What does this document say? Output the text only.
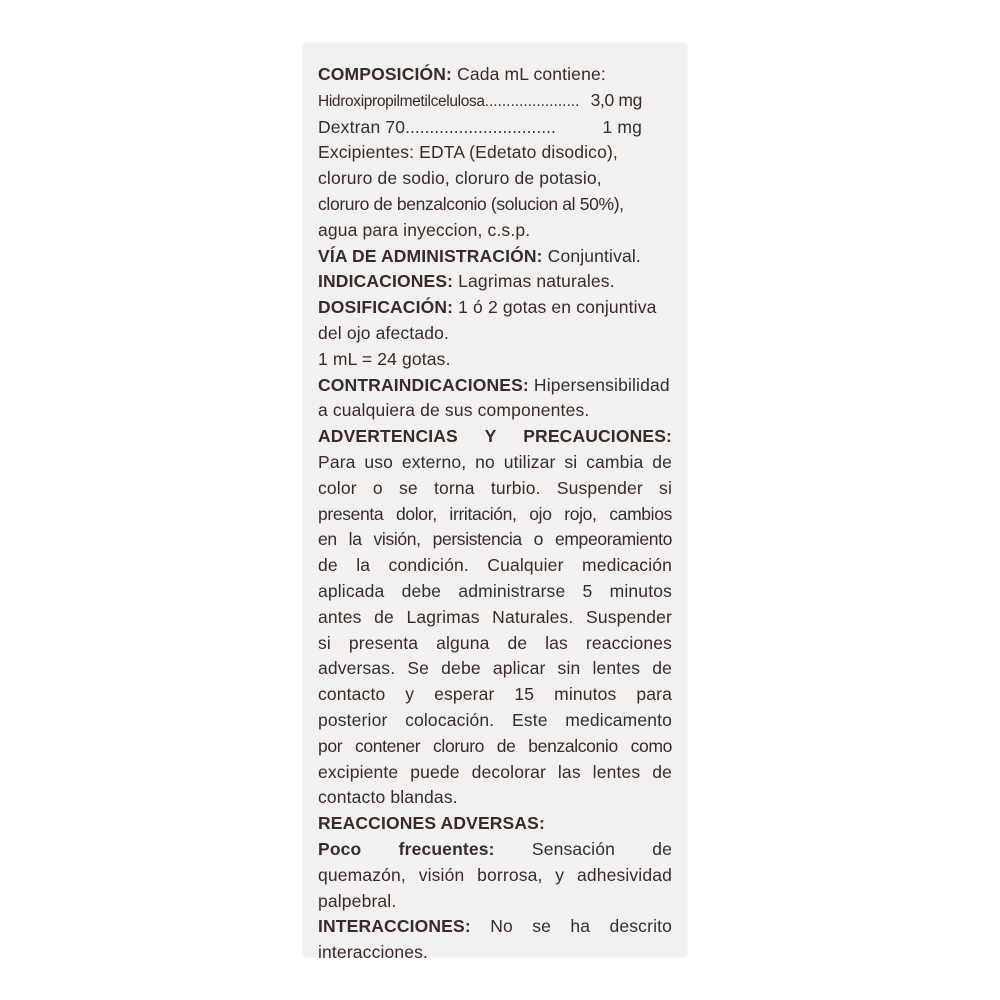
COMPOSICIÓN: Cada mL contiene:
Hidroxipropilmetilcelulosa ...................... 3,0 mg
Dextran 70 ...............................	1 mg
Excipientes: EDTA (Edetato disodico),
cloruro de sodio, cloruro de potasio,
cloruro de benzalconio (solucion al 50%),
agua para inyeccion, c.s.p.
VÍA DE ADMINISTRACIÓN: Conjuntival.
INDICACIONES: Lagrimas naturales.
DOSIFICACIÓN: 1 ó 2 gotas en conjuntiva
del ojo afectado.
1 mL = 24 gotas.
CONTRAINDICACIONES: Hipersensibilidad
a cualquiera de sus componentes.
ADVERTENCIAS Y PRECAUCIONES:
Para uso externo, no utilizar si cambia de
color o se torna turbio. Suspender si
presenta dolor, irritación, ojo rojo, cambios
en la visión, persistencia o empeoramiento
de la condición. Cualquier medicación
aplicada debe administrarse 5 minutos
antes de Lagrimas Naturales. Suspender
si presenta alguna de las reacciones
adversas. Se debe aplicar sin lentes de
contacto y esperar 15 minutos para
posterior colocación. Este medicamento
por contener cloruro de benzalconio como
excipiente puede decolorar las lentes de
contacto blandas.
REACCIONES ADVERSAS:
Poco frecuentes: Sensación de
quemazón, visión borrosa, y adhesividad
palpebral.
INTERACCIONES: No se ha descrito
interacciones.
